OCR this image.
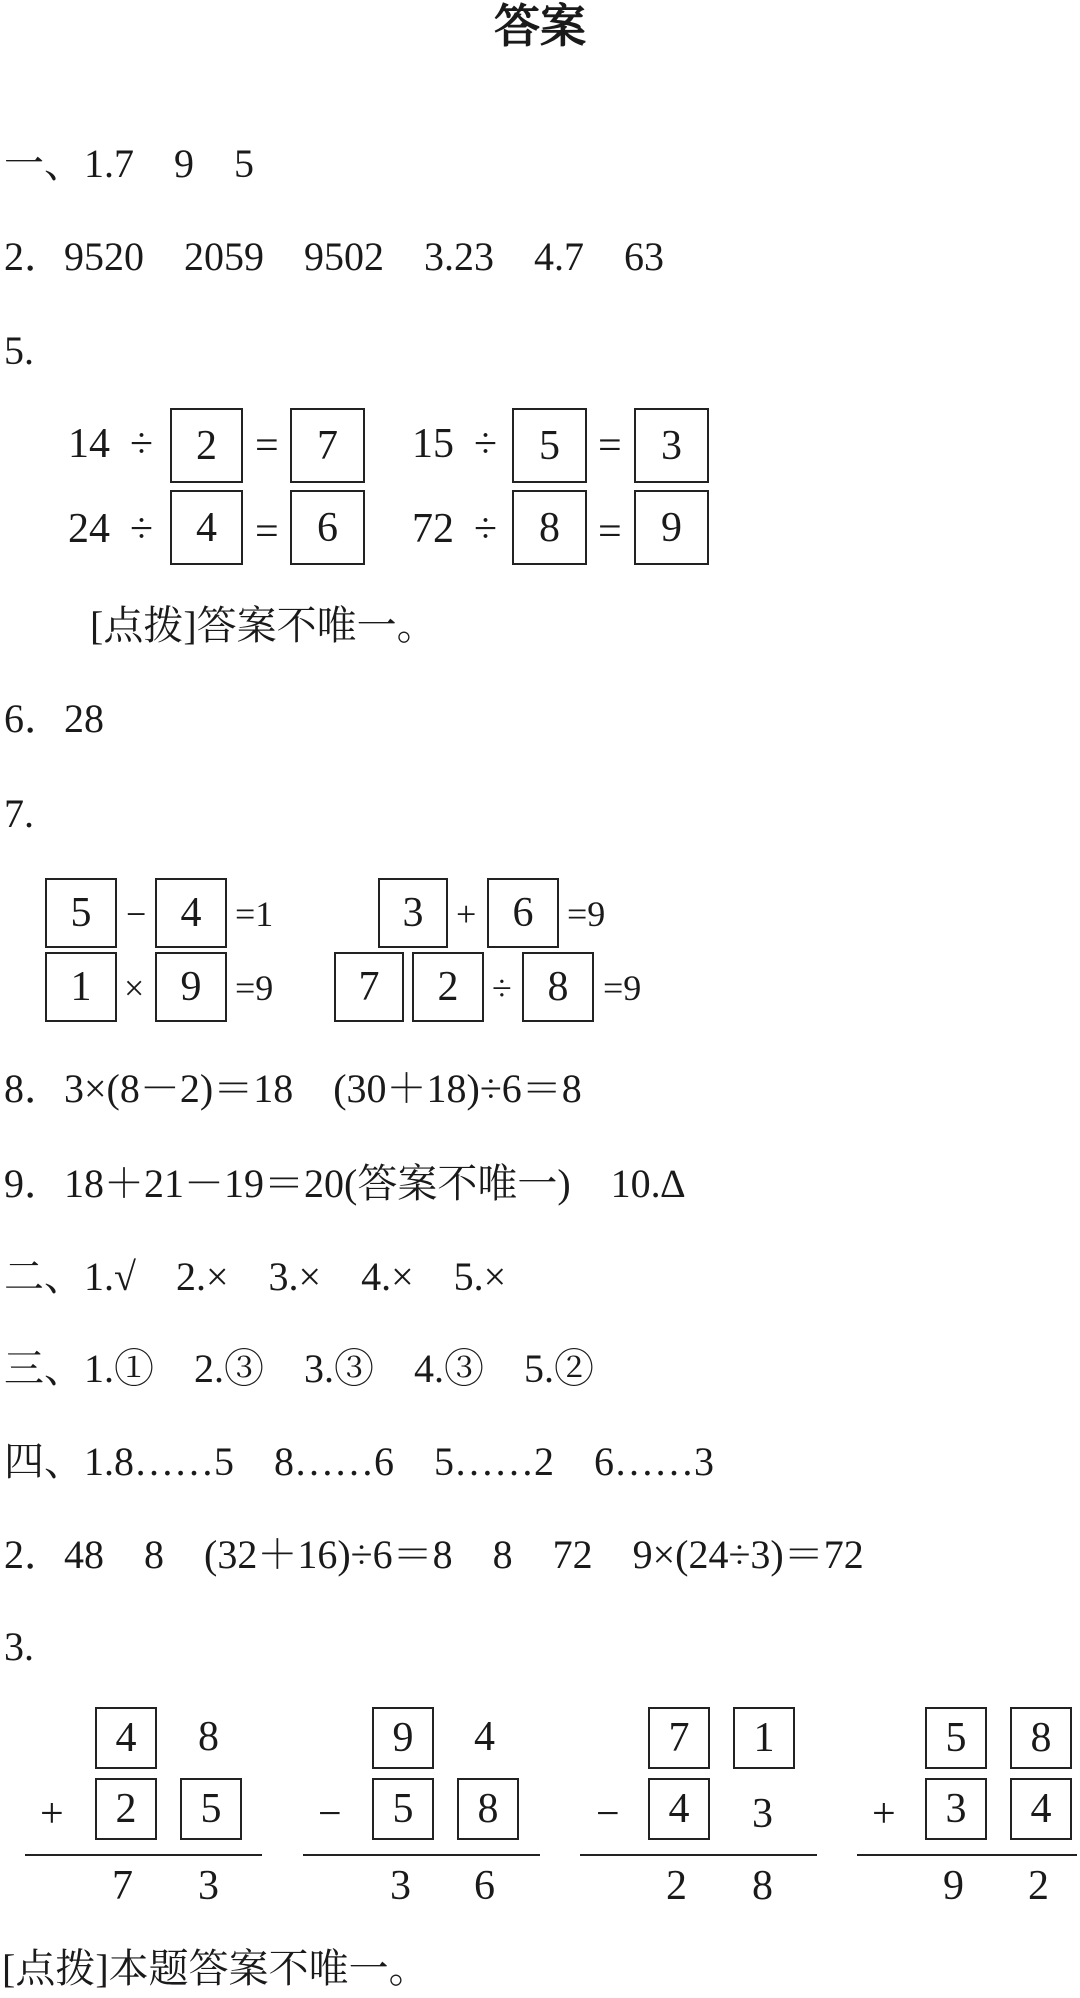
答案
一、1.7　9　5
2．9520　2059　9502　3.23　4.7　63
5.
14 ÷	2 = 7	15 ÷ 5 = 3
24 ÷	4 = 6	72 ÷ 8 = 9
[点拨]答案不唯一。
6．28
7.
5 − 4 =1	3 + 6 =9
1 × 9 =9	7	2 ÷ 8 =9
8．3×(8－2)＝18　(30＋18)÷6＝8
9．18＋21－19＝20(答案不唯一)　10.∆
二、1.√　2.×　3.×　4.×　5.×
三、1.①　2.③　3.③　4.③　5.②
四、1.8……5　8……6　5……2　6……3
2．48　8　(32＋16)÷6＝8　8　72　9×(24÷3)＝72
3.
4	8
+	2	5
7 3
9	4
−	5	8
3 6
7	1
−	4	3
2 8
5	8
+	3	4
9 2
[点拨]本题答案不唯一。
